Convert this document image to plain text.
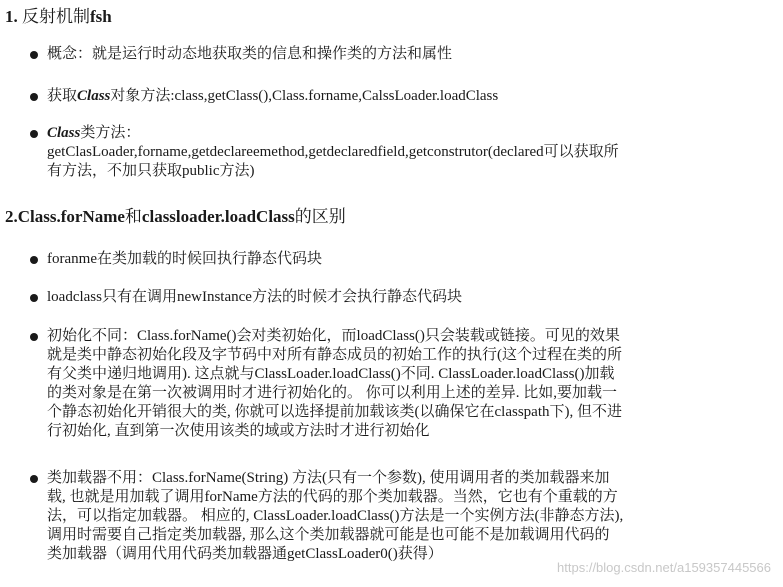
1. 反射机制fsh
概念：就是运行时动态地获取类的信息和操作类的方法和属性
获取Class对象方法:class,getClass(),Class.forname,CalssLoader.loadClass
Class类方法：
getClasLoader,forname,getdeclareemethod,getdeclaredfield,getconstrutor(declared可以获取所
有方法，不加只获取public方法)
2.Class.forName和classloader.loadClass的区别
foranme在类加载的时候回执行静态代码块
loadclass只有在调用newInstance方法的时候才会执行静态代码块
初始化不同：Class.forName()会对类初始化，而loadClass()只会装载或链接。可见的效果
就是类中静态初始化段及字节码中对所有静态成员的初始工作的执行(这个过程在类的所
有父类中递归地调用). 这点就与ClassLoader.loadClass()不同. ClassLoader.loadClass()加载
的类对象是在第一次被调用时才进行初始化的。 你可以利用上述的差异. 比如,要加载一
个静态初始化开销很大的类, 你就可以选择提前加载该类(以确保它在classpath下), 但不进
行初始化, 直到第一次使用该类的域或方法时才进行初始化
类加载器不用：Class.forName(String) 方法(只有一个参数), 使用调用者的类加载器来加
载, 也就是用加载了调用forName方法的代码的那个类加载器。当然，它也有个重载的方
法，可以指定加载器。 相应的, ClassLoader.loadClass()方法是一个实例方法(非静态方法),
调用时需要自己指定类加载器, 那么这个类加载器就可能是也可能不是加载调用代码的
类加载器（调用代用代码类加载器通getClassLoader0()获得）
https://blog.csdn.net/a159357445566
